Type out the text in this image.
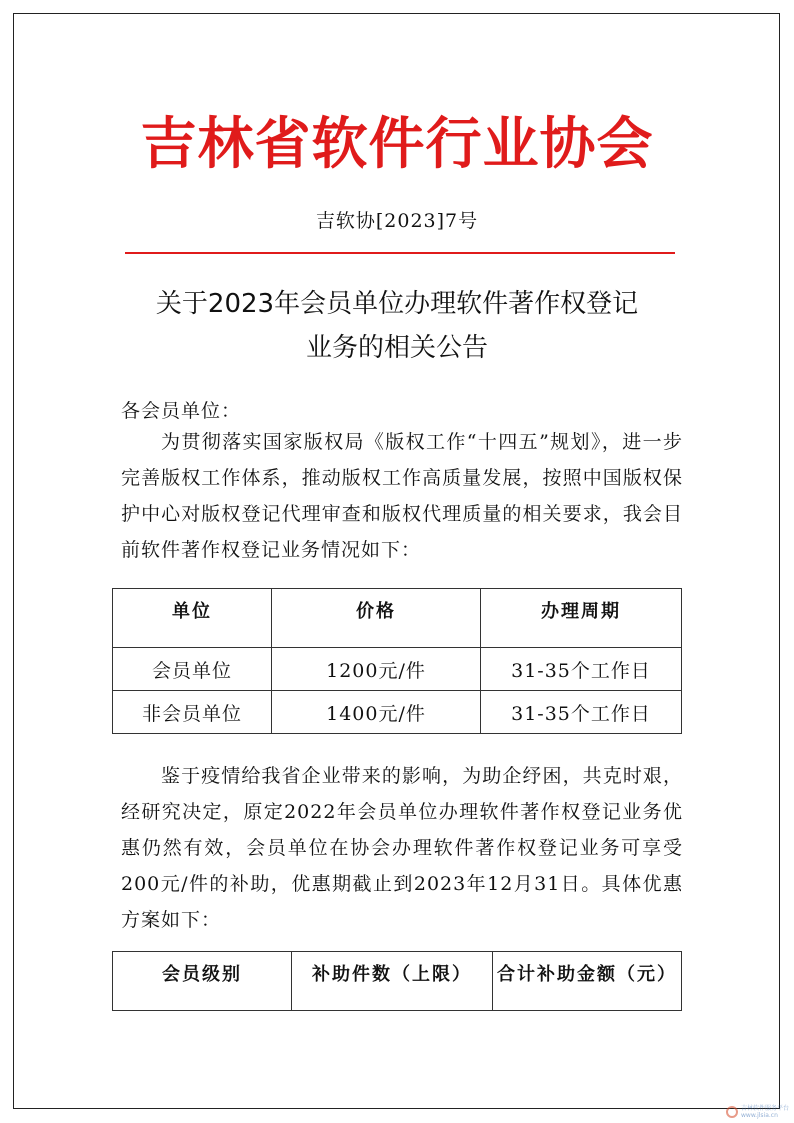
吉林省软件行业协会
吉软协[2023]7号
关于2023年会员单位办理软件著作权登记
业务的相关公告
各会员单位：
为贯彻落实国家版权局《版权工作“十四五”规划》，进一步完善版权工作体系，推动版权工作高质量发展，按照中国版权保护中心对版权登记代理审查和版权代理质量的相关要求，我会目前软件著作权登记业务情况如下：
单位	价格	办理周期
会员单位	1200元/件	31-35个工作日
非会员单位	1400元/件	31-35个工作日
鉴于疫情给我省企业带来的影响，为助企纾困，共克时艰，经研究决定，原定2022年会员单位办理软件著作权登记业务优惠仍然有效，会员单位在协会办理软件著作权登记业务可享受200元/件的补助，优惠期截止到2023年12月31日。具体优惠方案如下：
会员级别	补助件数（上限）	合计补助金额（元）
吉林软件服务平台
www.jlsia.cn
